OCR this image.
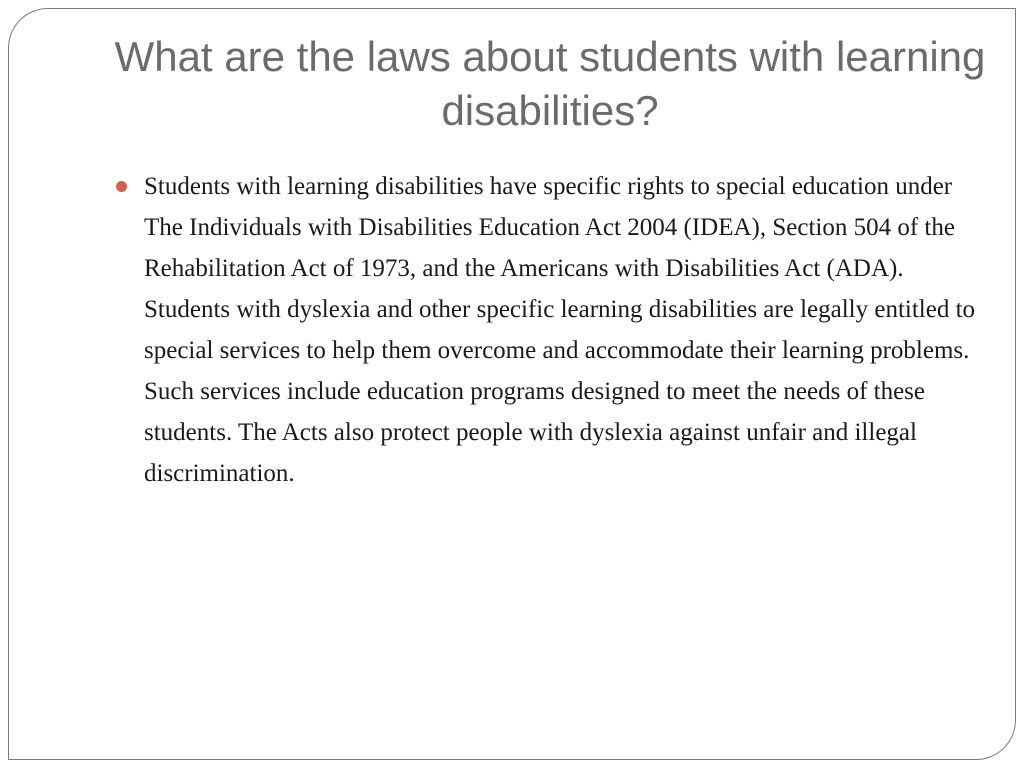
What are the laws about students with learning disabilities?
Students with learning disabilities have specific rights to special education under The Individuals with Disabilities Education Act 2004 (IDEA), Section 504 of the Rehabilitation Act of 1973, and the Americans with Disabilities Act (ADA). Students with dyslexia and other specific learning disabilities are legally entitled to special services to help them overcome and accommodate their learning problems. Such services include education programs designed to meet the needs of these students. The Acts also protect people with dyslexia against unfair and illegal discrimination.
